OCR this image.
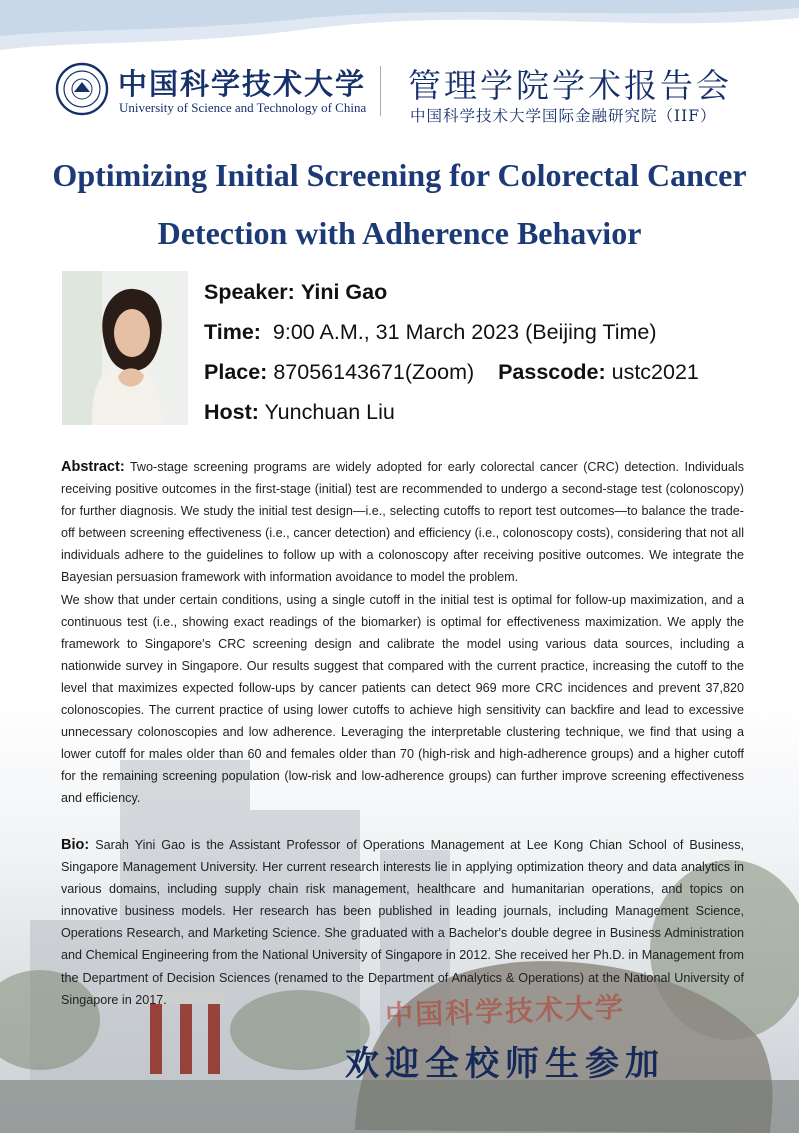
中国科学技术大学
University of Science and Technology of China
管理学院学术报告会
中国科学技术大学国际金融研究院（IIF）
Optimizing Initial Screening for Colorectal Cancer Detection with Adherence Behavior
Speaker: Yini Gao
Time: 9:00 A.M., 31 March 2023 (Beijing Time)
Place: 87056143671(Zoom) Passcode: ustc2021
Host: Yunchuan Liu

Abstract: Two-stage screening programs are widely adopted for early colorectal cancer (CRC) detection. Individuals receiving positive outcomes in the first-stage (initial) test are recommended to undergo a second-stage test (colonoscopy) for further diagnosis. We study the initial test design—i.e., selecting cutoffs to report test outcomes—to balance the trade-off between screening effectiveness (i.e., cancer detection) and efficiency (i.e., colonoscopy costs), considering that not all individuals adhere to the guidelines to follow up with a colonoscopy after receiving positive outcomes. We integrate the Bayesian persuasion framework with information avoidance to model the problem.

We show that under certain conditions, using a single cutoff in the initial test is optimal for follow-up maximization, and a continuous test (i.e., showing exact readings of the biomarker) is optimal for effectiveness maximization. We apply the framework to Singapore's CRC screening design and calibrate the model using various data sources, including a nationwide survey in Singapore. Our results suggest that compared with the current practice, increasing the cutoff to the level that maximizes expected follow-ups by cancer patients can detect 969 more CRC incidences and prevent 37,820 colonoscopies. The current practice of using lower cutoffs to achieve high sensitivity can backfire and lead to excessive unnecessary colonoscopies and low adherence. Leveraging the interpretable clustering technique, we find that using a lower cutoff for males older than 60 and females older than 70 (high-risk and high-adherence groups) and a higher cutoff for the remaining screening population (low-risk and low-adherence groups) can further improve screening effectiveness and efficiency.

Bio: Sarah Yini Gao is the Assistant Professor of Operations Management at Lee Kong Chian School of Business, Singapore Management University. Her current research interests lie in applying optimization theory and data analytics in various domains, including supply chain risk management, healthcare and humanitarian operations, and topics on innovative business models. Her research has been published in leading journals, including Management Science, Operations Research, and Marketing Science. She graduated with a Bachelor's double degree in Business Administration and Chemical Engineering from the National University of Singapore in 2012. She received her Ph.D. in Management from the Department of Decision Sciences (renamed to the Department of Analytics & Operations) at the National University of Singapore in 2017.	中国科学技术大学
欢迎全校师生参加
